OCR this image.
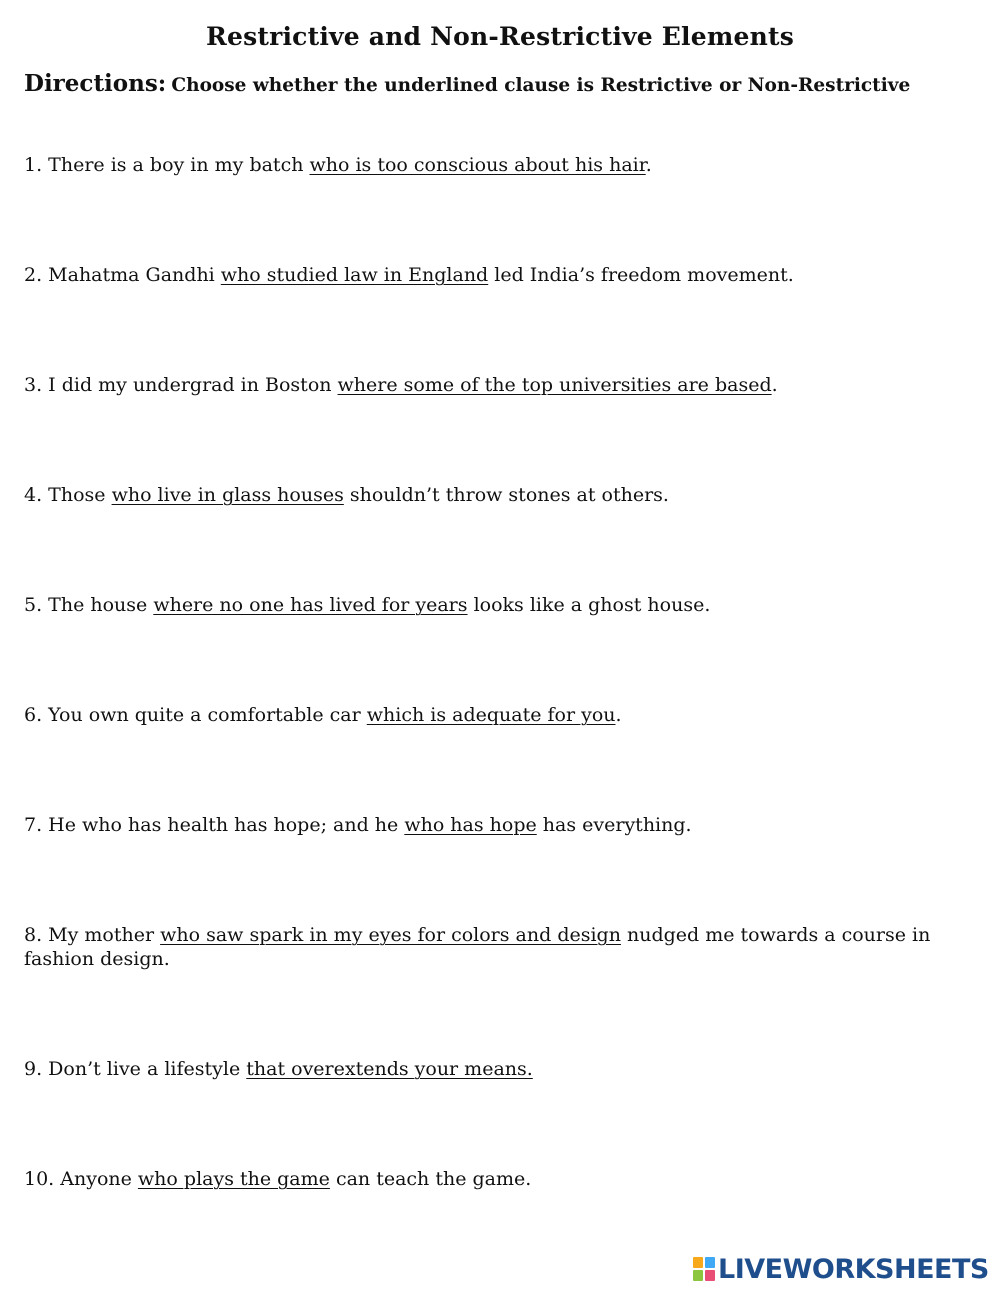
Restrictive and Non-Restrictive Elements
Directions: Choose whether the underlined clause is Restrictive or Non-Restrictive
1. There is a boy in my batch who is too conscious about his hair.
2. Mahatma Gandhi who studied law in England led India’s freedom movement.
3. I did my undergrad in Boston where some of the top universities are based.
4. Those who live in glass houses shouldn’t throw stones at others.
5. The house where no one has lived for years looks like a ghost house.
6. You own quite a comfortable car which is adequate for you.
7. He who has health has hope; and he who has hope has everything.
8. My mother who saw spark in my eyes for colors and design nudged me towards a course in fashion design.
9. Don’t live a lifestyle that overextends your means.
10. Anyone who plays the game can teach the game.
LIVEWORKSHEETS
